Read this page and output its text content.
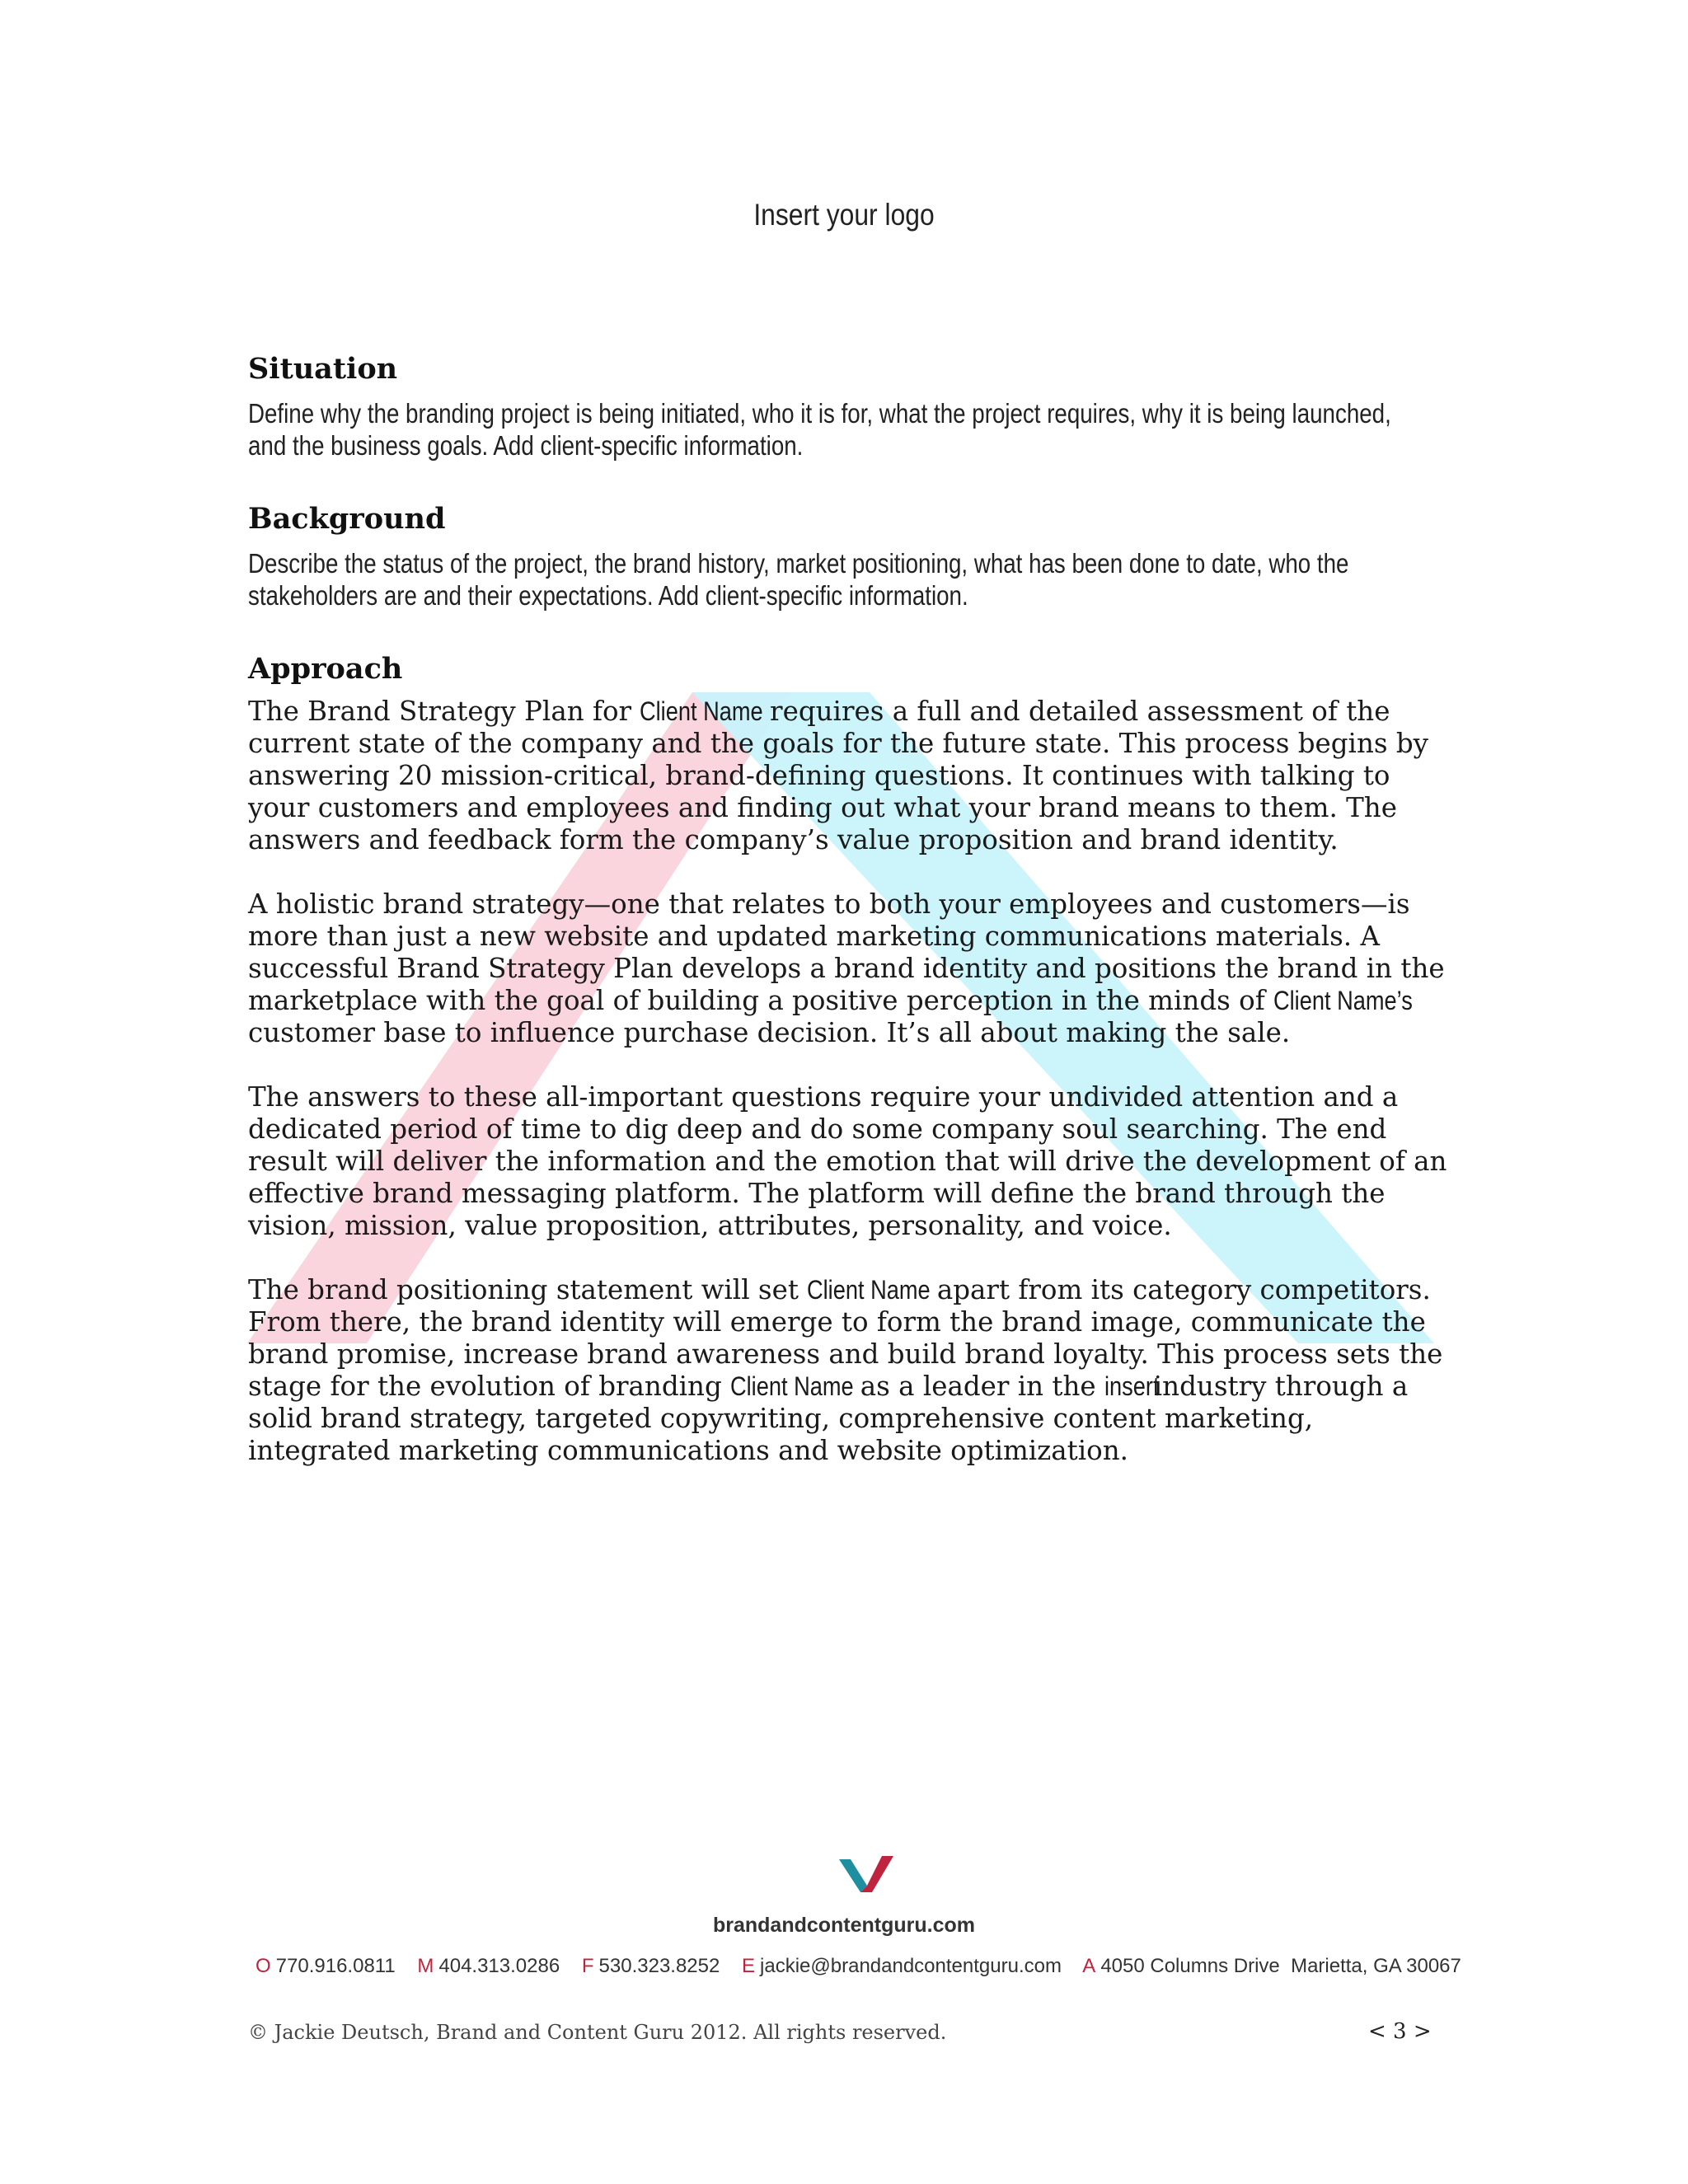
Insert your logo
Situation

Define why the branding project is being initiated, who it is for, what the project requires, why it is being launched, and the business goals. Add client-specific information.

Background

Describe the status of the project, the brand history, market positioning, what has been done to date, who the stakeholders are and their expectations. Add client-specific information.

Approach

The Brand Strategy Plan for Client Name requires a full and detailed assessment of the current state of the company and the goals for the future state. This process begins by answering 20 mission-critical, brand-defining questions. It continues with talking to your customers and employees and finding out what your brand means to them. The answers and feedback form the company’s value proposition and brand identity.

A holistic brand strategy—one that relates to both your employees and customers—is more than just a new website and updated marketing communications materials. A successful Brand Strategy Plan develops a brand identity and positions the brand in the marketplace with the goal of building a positive perception in the minds of Client Name’s customer base to influence purchase decision. It’s all about making the sale.

The answers to these all-important questions require your undivided attention and a dedicated period of time to dig deep and do some company soul searching. The end result will deliver the information and the emotion that will drive the development of an effective brand messaging platform. The platform will define the brand through the vision, mission, value proposition, attributes, personality, and voice.

The brand positioning statement will set Client Name apart from its category competitors. From there, the brand identity will emerge to form the brand image, communicate the brand promise, increase brand awareness and build brand loyalty. This process sets the stage for the evolution of branding Client Name as a leader in the insert industry through a solid brand strategy, targeted copywriting, comprehensive content marketing, integrated marketing communications and website optimization.

brandandcontentguru.com
O 770.916.0811 M 404.313.0286 F 530.323.8252 E jackie@brandandcontentguru.com A 4050 Columns Drive  Marietta, GA 30067
© Jackie Deutsch, Brand and Content Guru 2012. All rights reserved.	< 3 >
